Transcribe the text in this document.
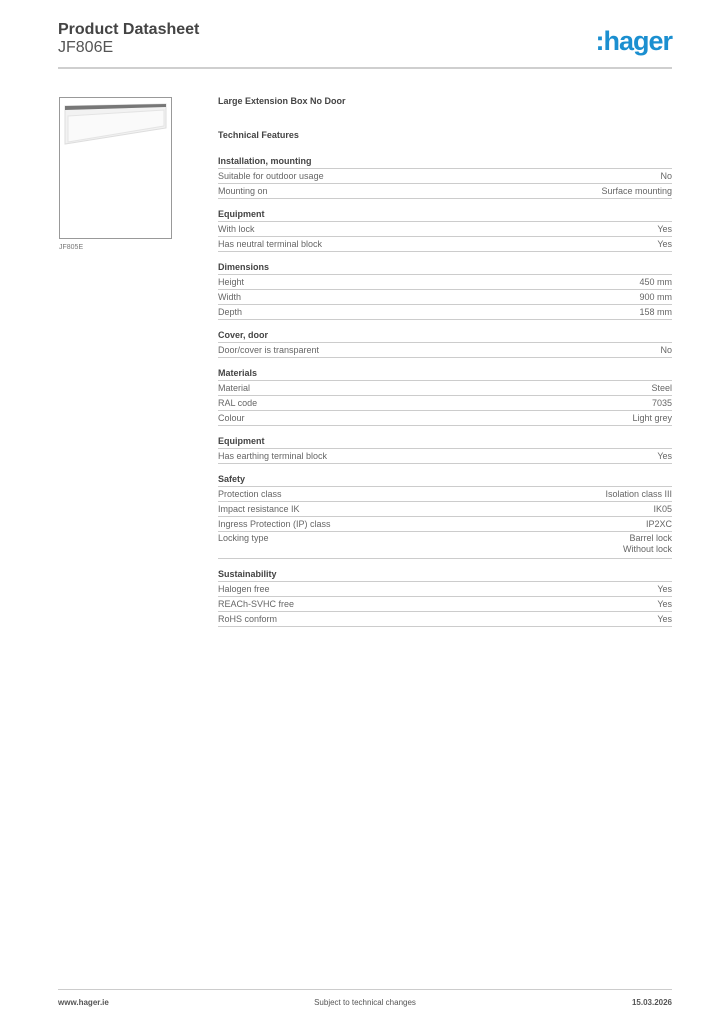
Product Datasheet
JF806E	:hager
JF805E
Large Extension Box No Door
Technical Features
Installation, mounting
Suitable for outdoor usage	No
Mounting on	Surface mounting
Equipment
With lock	Yes
Has neutral terminal block	Yes
Dimensions
Height	450 mm
Width	900 mm
Depth	158 mm
Cover, door
Door/cover is transparent	No
Materials
Material	Steel
RAL code	7035
Colour	Light grey
Equipment
Has earthing terminal block	Yes
Safety
Protection class	Isolation class III
Impact resistance IK	IK05
Ingress Protection (IP) class	IP2XC
Locking type	Barrel lock
Without lock
Sustainability
Halogen free	Yes
REACh-SVHC free	Yes
RoHS conform	Yes
www.hager.ie	Subject to technical changes	15.03.2026
